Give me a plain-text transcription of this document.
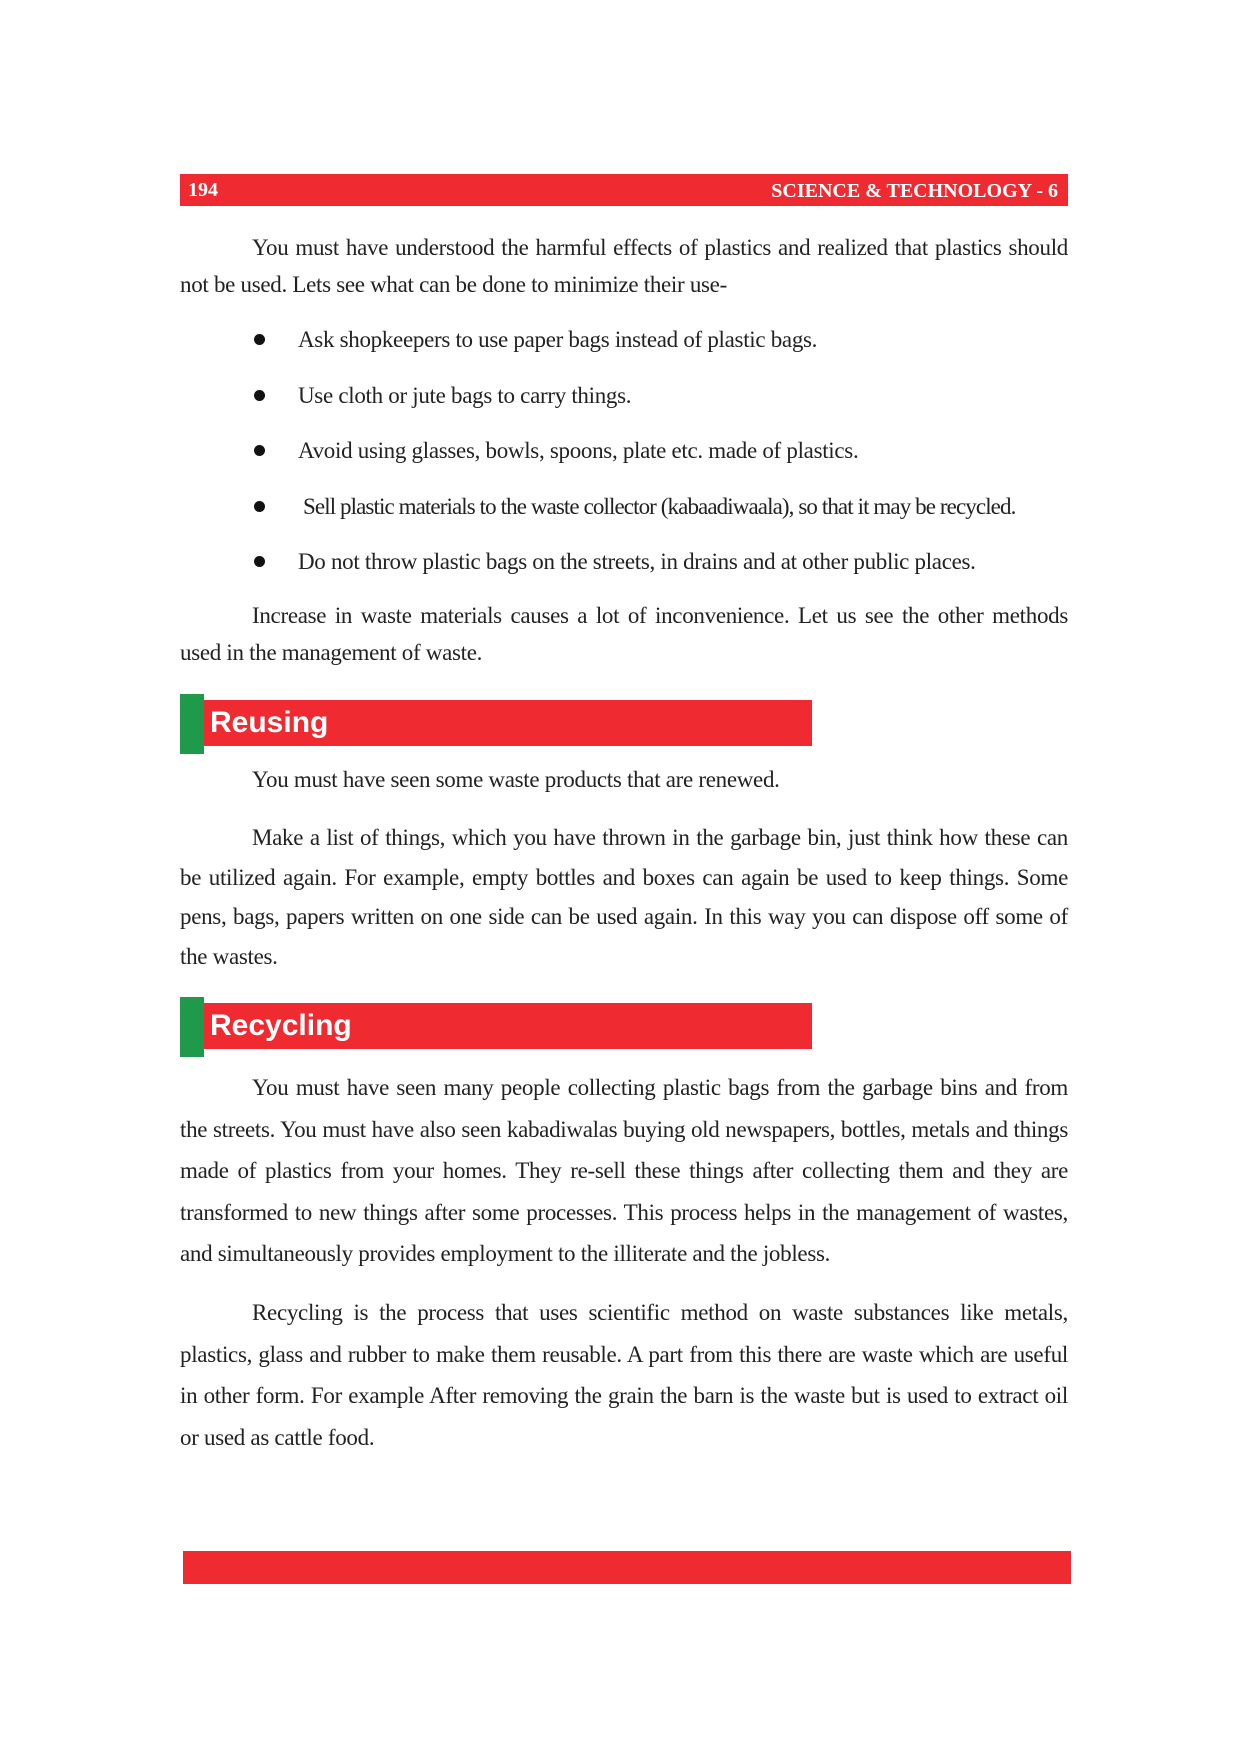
194	SCIENCE & TECHNOLOGY - 6

You must have understood the harmful effects of plastics and realized that plastics should not be used. Lets see what can be done to minimize their use-

Ask shopkeepers to use paper bags instead of plastic bags.
Use cloth or jute bags to carry things.
Avoid using glasses, bowls, spoons, plate etc. made of plastics.
Sell plastic materials to the waste collector (kabaadiwaala), so that it may be recycled.
Do not throw plastic bags on the streets, in drains and at other public places.

Increase in waste materials causes a lot of inconvenience. Let us see the other methods used in the management of waste.

Reusing

You must have seen some waste products that are renewed.

Make a list of things, which you have thrown in the garbage bin, just think how these can be utilized again. For example, empty bottles and boxes can again be used to keep things. Some pens, bags, papers written on one side can be used again. In this way you can dispose off some of the wastes.

Recycling

You must have seen many people collecting plastic bags from the garbage bins and from the streets. You must have also seen kabadiwalas buying old newspapers, bottles, metals and things made of plastics from your homes. They re-sell these things after collecting them and they are transformed to new things after some processes. This process helps in the management of wastes, and simultaneously provides employment to the illiterate and the jobless.

Recycling is the process that uses scientific method on waste substances like metals, plastics, glass and rubber to make them reusable. A part from this there are waste which are useful in other form. For example After removing the grain the barn is the waste but is used to extract oil or used as cattle food.
